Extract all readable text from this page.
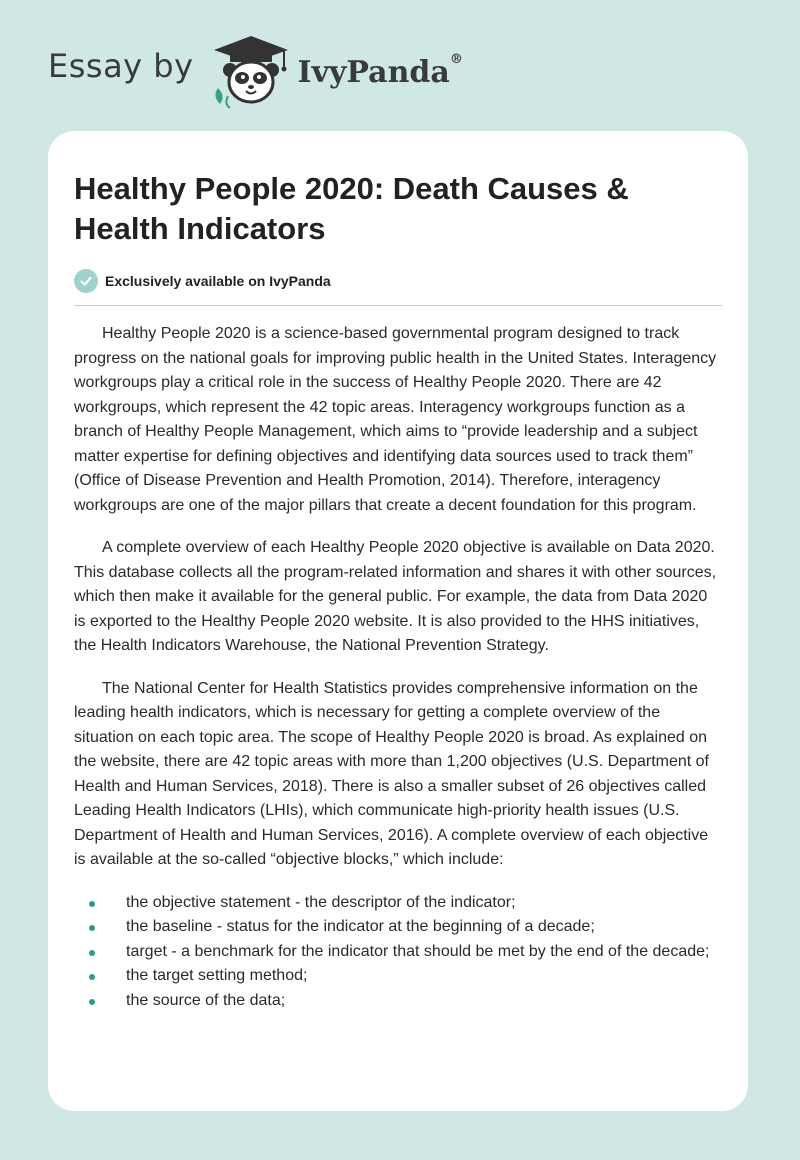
Essay by	IvyPanda®
Healthy People 2020: Death Causes & Health Indicators
Exclusively available on IvyPanda

Healthy People 2020 is a science-based governmental program designed to track progress on the national goals for improving public health in the United States. Interagency workgroups play a critical role in the success of Healthy People 2020. There are 42 workgroups, which represent the 42 topic areas. Interagency workgroups function as a branch of Healthy People Management, which aims to “provide leadership and a subject matter expertise for defining objectives and identifying data sources used to track them” (Office of Disease Prevention and Health Promotion, 2014). Therefore, interagency workgroups are one of the major pillars that create a decent foundation for this program.

A complete overview of each Healthy People 2020 objective is available on Data 2020. This database collects all the program-related information and shares it with other sources, which then make it available for the general public. For example, the data from Data 2020 is exported to the Healthy People 2020 website. It is also provided to the HHS initiatives, the Health Indicators Warehouse, the National Prevention Strategy.

The National Center for Health Statistics provides comprehensive information on the leading health indicators, which is necessary for getting a complete overview of the situation on each topic area. The scope of Healthy People 2020 is broad. As explained on the website, there are 42 topic areas with more than 1,200 objectives (U.S. Department of Health and Human Services, 2018). There is also a smaller subset of 26 objectives called Leading Health Indicators (LHIs), which communicate high-priority health issues (U.S. Department of Health and Human Services, 2016). A complete overview of each objective is available at the so-called “objective blocks,” which include:

the objective statement - the descriptor of the indicator;
the baseline - status for the indicator at the beginning of a decade;
target - a benchmark for the indicator that should be met by the end of the decade;
the target setting method;
the source of the data;
